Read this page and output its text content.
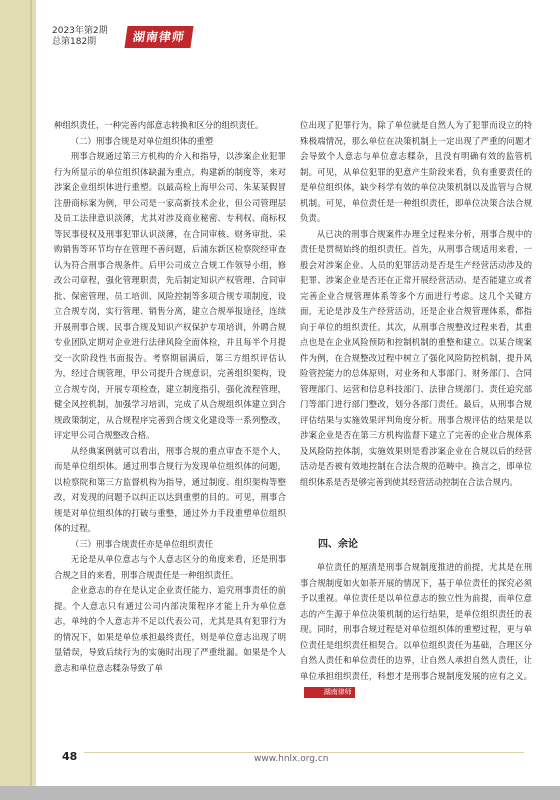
2023年第2期
总第182期	湖南律师

种组织责任，一种完善内部意志转换和区分的组织责任。

（二）刑事合规是对单位组织体的重塑

刑事合规通过第三方机构的介入和指导，以涉案企业犯罪行为所显示的单位组织体缺漏为重点，构建新的制度等，来对涉案企业组织体进行重塑。以最高检上海甲公司、朱某某假冒注册商标案为例，甲公司是一家高新技术企业，但公司管理层及员工法律意识淡薄，尤其对涉及商业秘密、专利权、商标权等民事侵权及刑事犯罪认识淡薄，在合同审核、财务审批、采购销售等环节均存在管理不善问题，后浦东新区检察院经审查认为符合刑事合规条件。后甲公司成立合规工作领导小组，修改公司章程，强化管理职责，先后制定知识产权管理、合同审批、保密管理、员工培训、风险控制等多项合规专项制度，设立合规专岗，实行管理、销售分离，建立合规举报途径，连续开展刑事合规、民事合规及知识产权保护专项培训，外聘合规专业团队定期对企业进行法律风险全面体检，并且每半个月提交一次阶段性书面报告。考察期届满后，第三方组织评估认为，经过合规管理，甲公司提升合规意识，完善组织架构，设立合规专岗，开展专项检查，建立制度指引，强化流程管理，健全风控机制，加强学习培训，完成了从合规组织体建立到合规政策制定，从合规程序完善到合规文化建设等一系列整改，评定甲公司合规整改合格。

从经典案例就可以看出，刑事合规的重点审查不是个人，而是单位组织体。通过刑事合规行为发现单位组织体的问题，以检察院和第三方监督机构为指导，通过制度、组织架构等整改，对发现的问题予以纠正以达到重塑的目的。可见，刑事合规是对单位组织体的打破与重整，通过外力手段重塑单位组织体的过程。

（三）刑事合规责任亦是单位组织责任

无论是从单位意志与个人意志区分的角度来看，还是刑事合规之目的来看，刑事合规责任是一种组织责任。

企业意志的存在是认定企业责任能力、追究刑事责任的前提。个人意志只有通过公司内部决策程序才能上升为单位意志，单纯的个人意志并不足以代表公司，尤其是具有犯罪行为的情况下，如果是单位承担最终责任，则是单位意志出现了明显错误，导致后续行为的实施时出现了严重纰漏。如果是个人意志和单位意志糅杂导致了单

位出现了犯罪行为，除了单位就是自然人为了犯罪而设立的特殊极端情况，那么单位在决策机制上一定出现了严重的问题才会导致个人意志与单位意志糅杂，且没有明确有效的监管机制。可见，从单位犯罪的犯意产生阶段来看，负有重要责任的是单位组织体，缺少科学有效的单位决策机制以及监管与合规机制。可见，单位责任是一种组织责任，即单位决策合法合规负责。

从已决的刑事合规案件办理全过程来分析，刑事合规中的责任是贯彻始终的组织责任。首先，从刑事合规适用来看，一般会对涉案企业、人员的犯罪活动是否是生产经营活动涉及的犯罪、涉案企业是否还在正常开展经营活动、是否能建立或者完善企业合规管理体系等多个方面进行考虑。这几个关键方面，无论是涉及生产经营活动，还是企业合规管理体系，都指向于单位的组织责任。其次，从刑事合规整改过程来看，其重点也是在企业风险预防和控制机制的重整和建立。以某合规案件为例，在合规整改过程中树立了强化风险防控机制，提升风险管控能力的总体原则，对业务和人事部门、财务部门、合同管理部门、运营和信息科技部门、法律合规部门、责任追究部门等部门进行部门整改，划分各部门责任。最后，从刑事合规评估结果与实施效果评判角度分析。刑事合规评估的结果是以涉案企业是否在第三方机构监督下建立了完善的企业合规体系及风险防控体制，实施效果则是看涉案企业在合规以后的经营活动是否被有效地控制在合法合规的范畴中。换言之，即单位组织体系是否是够完善到使其经营活动控制在合法合规内。

四、余论

单位责任的厘清是刑事合规制度推进的前提，尤其是在刑事合规制度如火如荼开展的情况下，基于单位责任的探究必须予以重视。单位责任是以单位意志的独立性为前提，而单位意志的产生源于单位决策机制的运行结果，是单位组织责任的表现。同时，刑事合规过程是对单位组织体的重塑过程，更与单位责任是组织责任相契合。以单位组织责任为基础，合理区分自然人责任和单位责任的边界，让自然人承担自然人责任，让单位承担组织责任，科想才是刑事合规制度发展的应有之义。湖南律师

48	www.hnlx.org.cn
